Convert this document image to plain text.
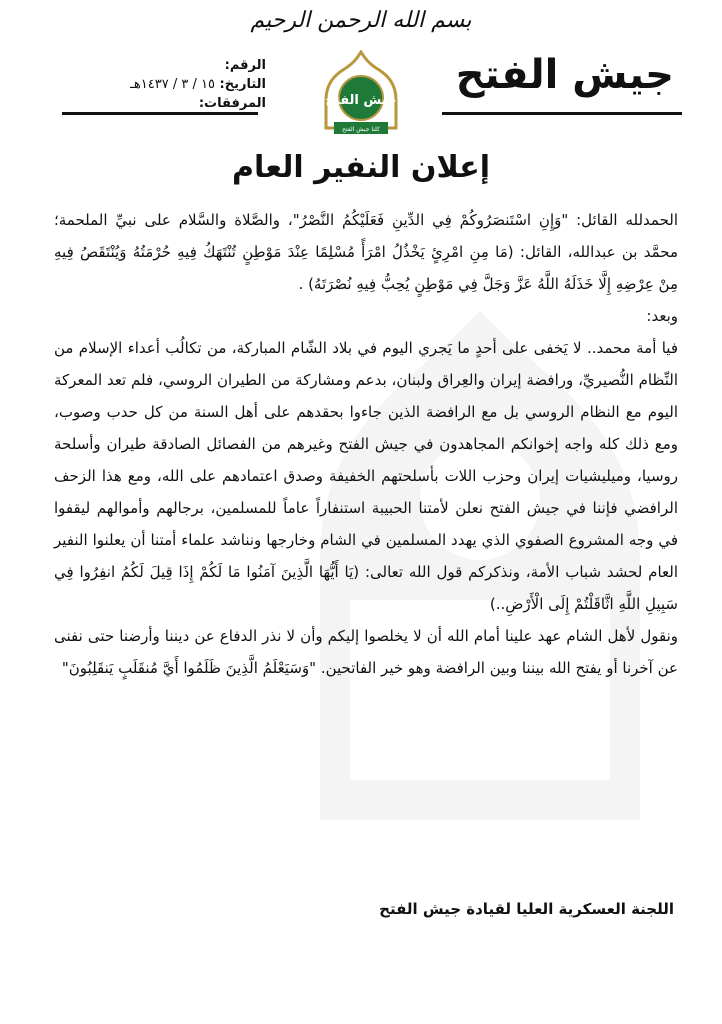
بسم الله الرحمن الرحيم
جيش الفتح
جيش الفتح
كلنا جيش الفتح
الرقم:
التاريخ: ١٥ / ٣ / ١٤٣٧هـ
المرفقات:
إعلان النفير العام

الحمدلله القائل: "وَإِنِ اسْتَنصَرُوكُمْ فِي الدِّينِ فَعَلَيْكُمُ النَّصْرُ"، والصَّلاة والسَّلام على نبيِّ الملحمة؛ محمَّد بن عبدالله، القائل: (مَا مِنِ امْرِئٍ يَخْذُلُ امْرَأً مُسْلِمًا عِنْدَ مَوْطِنٍ تُنْتَهَكُ فِيهِ حُرْمَتُهُ وَيُنْتَقَصُ فِيهِ مِنْ عِرْضِهِ إِلَّا خَذَلَهُ اللَّهُ عَزَّ وَجَلَّ فِي مَوْطِنٍ يُحِبُّ فِيهِ نُصْرَتَهُ) .

وبعد:

فيا أمة محمد.. لا يَخفى على أحدٍ ما يَجري اليوم في بلاد الشّام المباركة، من تكالُب أعداء الإسلام من النِّظام النُّصيريِّ، ورافضة إيران والعِراق ولبنان، بدعم ومشاركة من الطيران الروسي، فلم تعد المعركة اليوم مع النظام الروسي بل مع الرافضة الذين جاءوا بحقدهم على أهل السنة من كل حدب وصوب، ومع ذلك كله واجه إخوانكم المجاهدون في جيش الفتح وغيرهم من الفصائل الصادقة طيران وأسلحة روسيا، وميليشيات إيران وحزب اللات بأسلحتهم الخفيفة وصدق اعتمادهم على الله، ومع هذا الزحف الرافضي فإننا في جيش الفتح نعلن لأمتنا الحبيبة استنفاراً عاماً للمسلمين، برجالهم وأموالهم ليقفوا في وجه المشروع الصفوي الذي يهدد المسلمين في الشام وخارجها ونناشد علماء أمتنا أن يعلنوا النفير العام لحشد شباب الأمة، ونذكركم قول الله تعالى: (يَا أَيُّهَا الَّذِينَ آمَنُوا مَا لَكُمْ إِذَا قِيلَ لَكُمُ انفِرُوا فِي سَبِيلِ اللَّهِ اثَّاقَلْتُمْ إِلَى الْأَرْضِ..)

ونقول لأهل الشام عهد علينا أمام الله أن لا يخلصوا إليكم وأن لا نذر الدفاع عن ديننا وأرضنا حتى نفنى عن آخرنا أو يفتح الله بيننا وبين الرافضة وهو خير الفاتحين. "وَسَيَعْلَمُ الَّذِينَ ظَلَمُوا أَيَّ مُنقَلَبٍ يَنقَلِبُونَ"

اللجنة العسكرية العليا لقيادة جيش الفتح
